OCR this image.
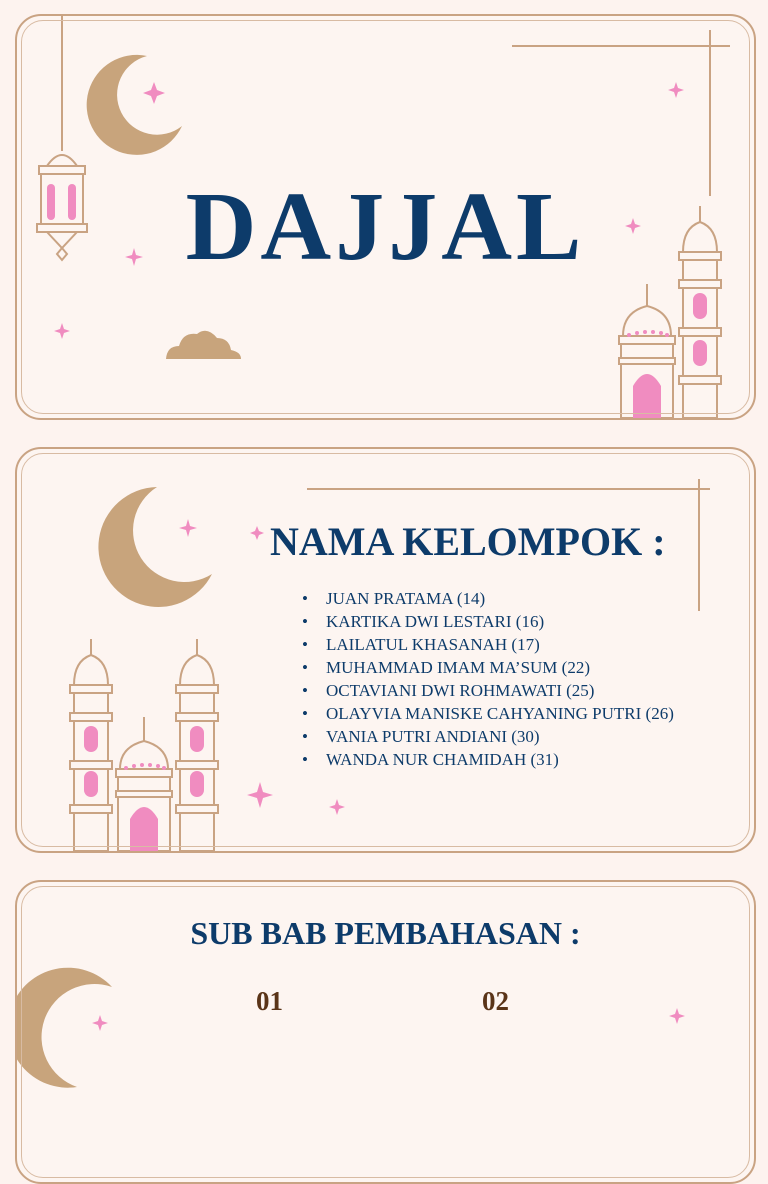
DAJJAL
NAMA KELOMPOK :
• JUAN PRATAMA (14)
• KARTIKA DWI LESTARI (16)
• LAILATUL KHASANAH (17)
• MUHAMMAD IMAM MA’SUM (22)
• OCTAVIANI DWI ROHMAWATI (25)
• OLAYVIA MANISKE CAHYANING PUTRI (26)
• VANIA PUTRI ANDIANI (30)
• WANDA NUR CHAMIDAH (31)
SUB BAB PEMBAHASAN :
01	02
